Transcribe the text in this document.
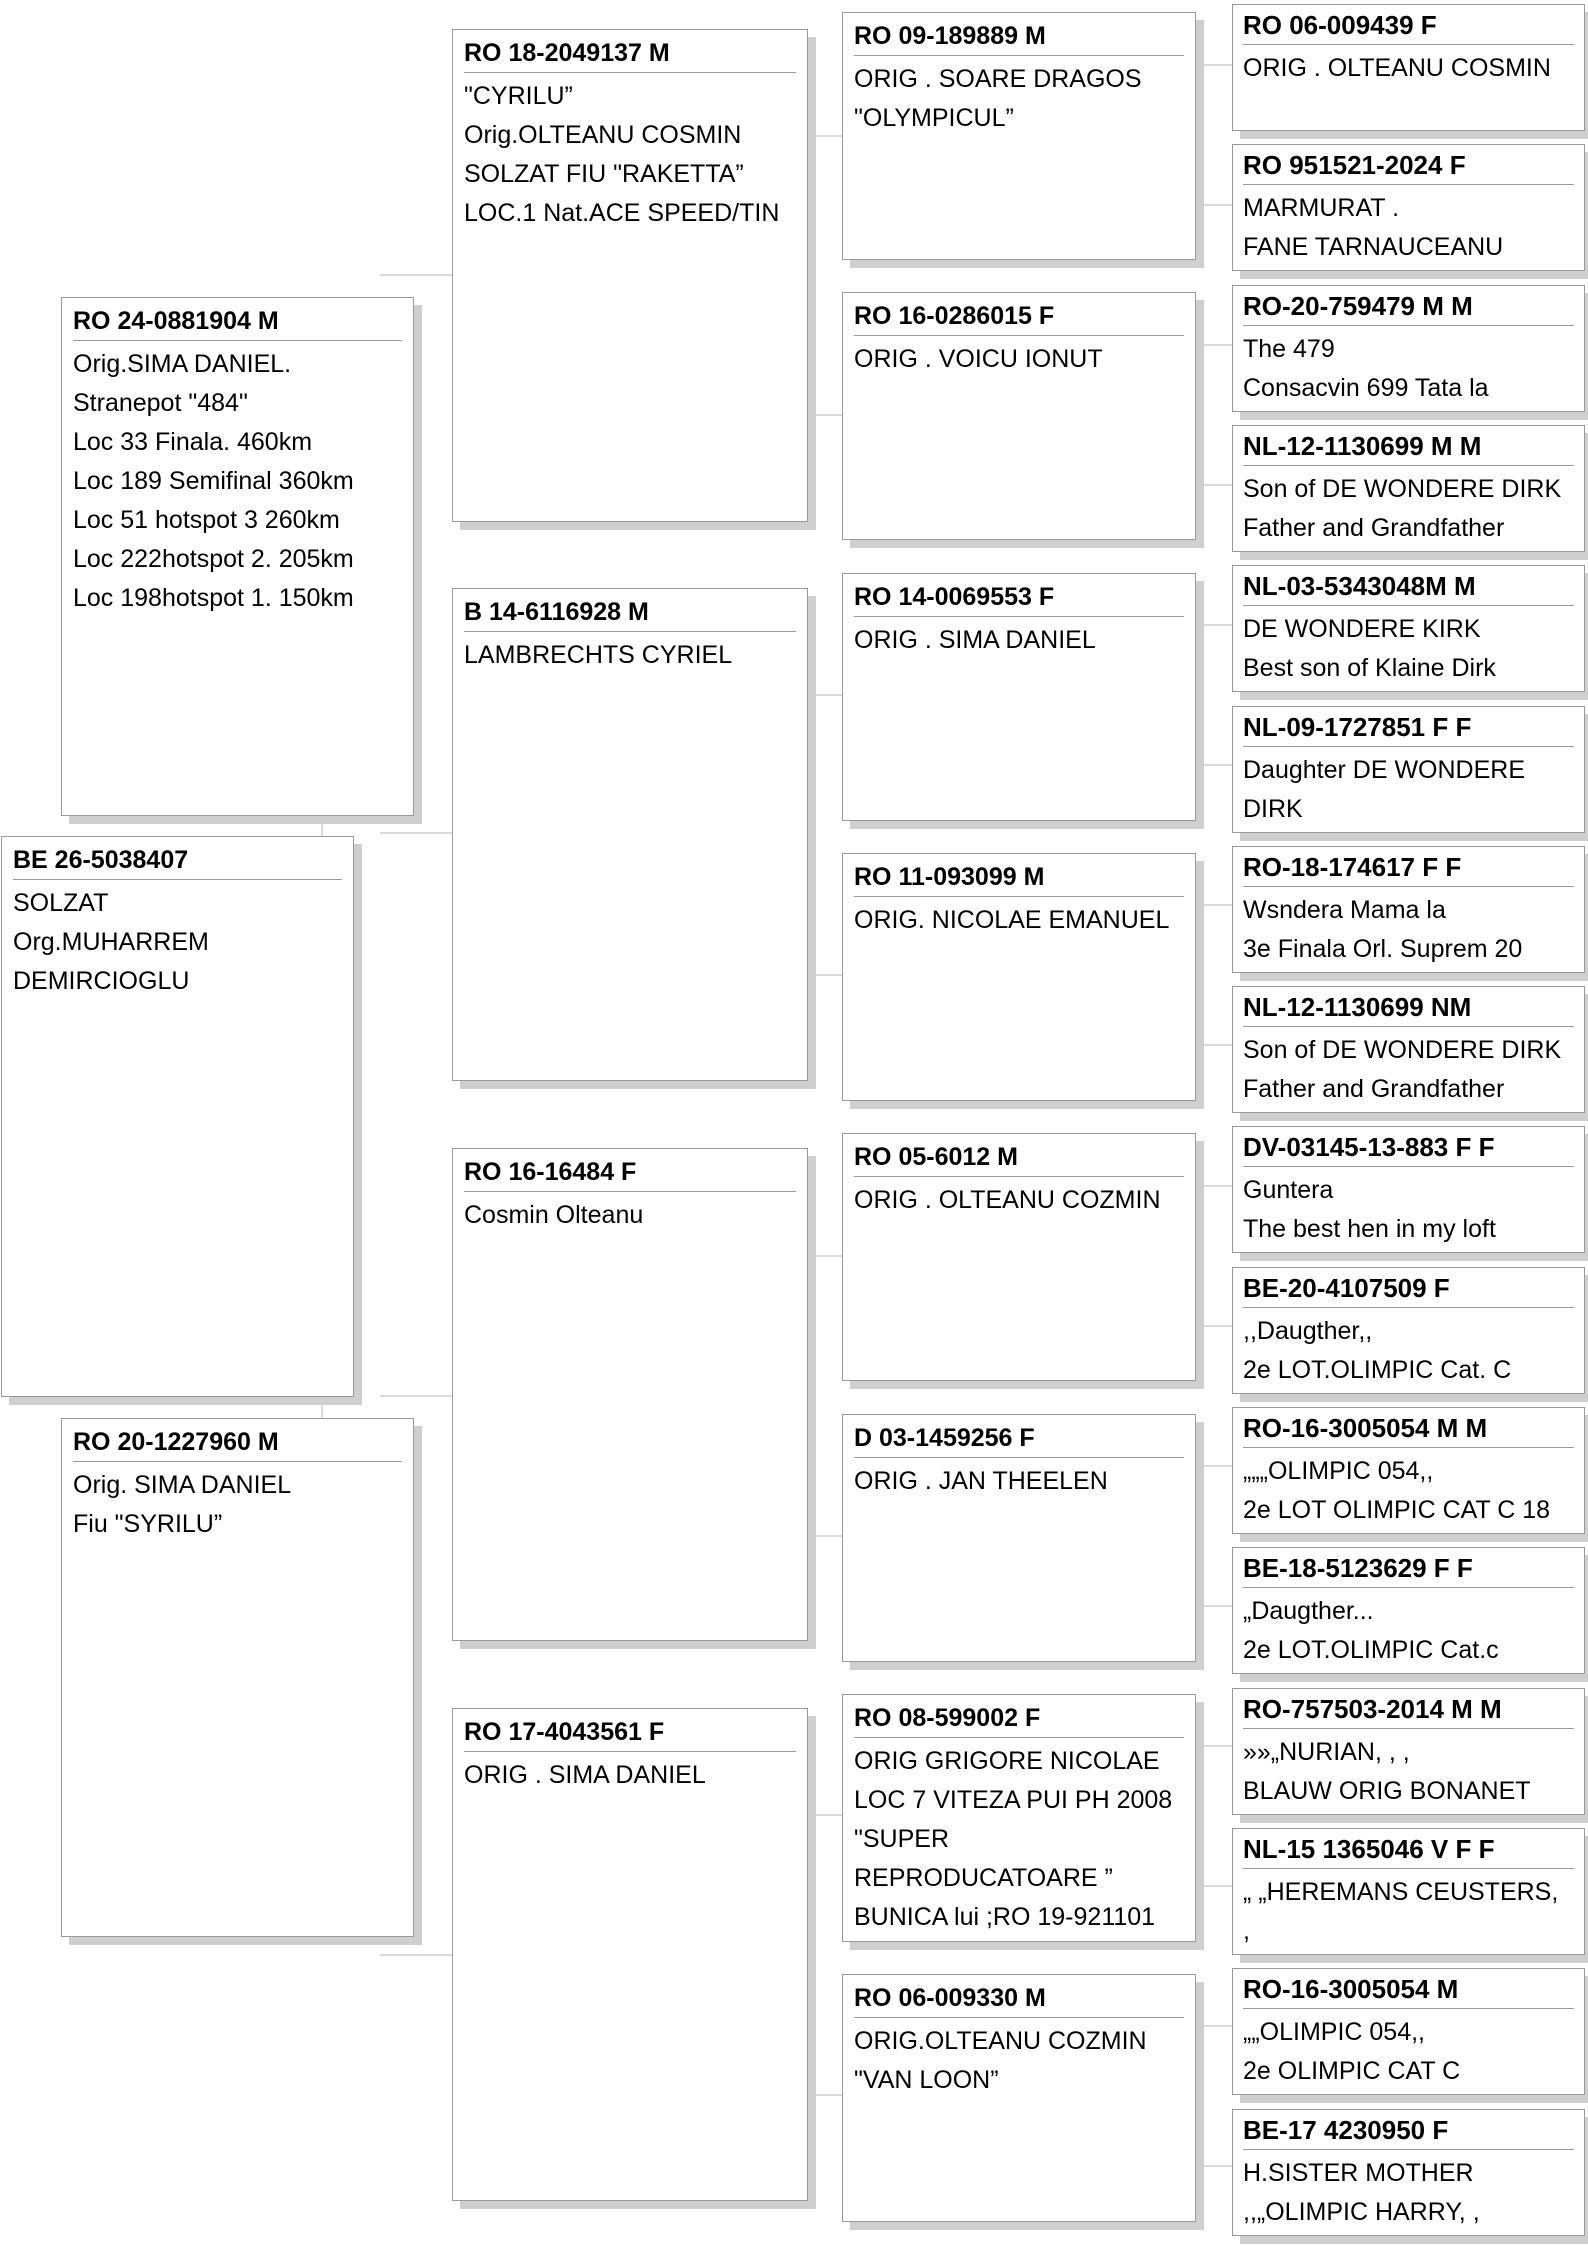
BE 26-5038407
SOLZAT
Org.MUHARREM
DEMIRCIOGLU
RO 24-0881904 M
Orig.SIMA DANIEL.
Stranepot "484"
Loc 33 Finala. 460km
Loc 189 Semifinal 360km
Loc 51 hotspot 3 260km
Loc 222hotspot 2. 205km
Loc 198hotspot 1. 150km
RO 20-1227960 M
Orig. SIMA DANIEL
Fiu "SYRILU”
RO 18-2049137 M
"CYRILU”
Orig.OLTEANU COSMIN
SOLZAT FIU "RAKETTA”
LOC.1 Nat.ACE SPEED/TIN
B 14-6116928 M
LAMBRECHTS CYRIEL
RO 16-16484 F
Cosmin Olteanu
RO 17-4043561 F
ORIG . SIMA DANIEL
RO 09-189889 M
ORIG . SOARE DRAGOS
"OLYMPICUL”
RO 16-0286015 F
ORIG . VOICU IONUT
RO 14-0069553 F
ORIG . SIMA DANIEL
RO 11-093099 M
ORIG. NICOLAE EMANUEL
RO 05-6012 M
ORIG . OLTEANU COZMIN
D 03-1459256 F
ORIG . JAN THEELEN
RO 08-599002 F
ORIG GRIGORE NICOLAE
LOC 7 VITEZA PUI PH 2008
"SUPER
REPRODUCATOARE ”
BUNICA lui ;RO 19-921101
RO 06-009330 M
ORIG.OLTEANU COZMIN
"VAN LOON”
RO 06-009439 F
ORIG . OLTEANU COSMIN
RO 951521-2024 F
MARMURAT .
FANE TARNAUCEANU
RO-20-759479 M M
The 479
Consacvin 699 Tata la
NL-12-1130699 M M
Son of DE WONDERE DIRK
Father and Grandfather
NL-03-5343048M M
DE WONDERE KIRK
Best son of Klaine Dirk
NL-09-1727851 F F
Daughter DE WONDERE
DIRK
RO-18-174617 F F
Wsndera Mama la
3e Finala Orl. Suprem 20
NL-12-1130699 NM
Son of DE WONDERE DIRK
Father and Grandfather
DV-03145-13-883 F F
Guntera
The best hen in my loft
BE-20-4107509 F
,,Daugther,,
2e LOT.OLIMPIC Cat. C
RO-16-3005054 M M
„„„OLIMPIC 054,,
2e LOT OLIMPIC CAT C 18
BE-18-5123629 F F
„Daugther...
2e LOT.OLIMPIC Cat.c
RO-757503-2014 M M
»»„NURIAN, , ,
BLAUW ORIG BONANET
NL-15 1365046 V F F
„ „HEREMANS CEUSTERS,
,
RO-16-3005054 M
„„OLIMPIC 054,,
2e OLIMPIC CAT C
BE-17 4230950 F
H.SISTER MOTHER
,,„OLIMPIC HARRY, ,
